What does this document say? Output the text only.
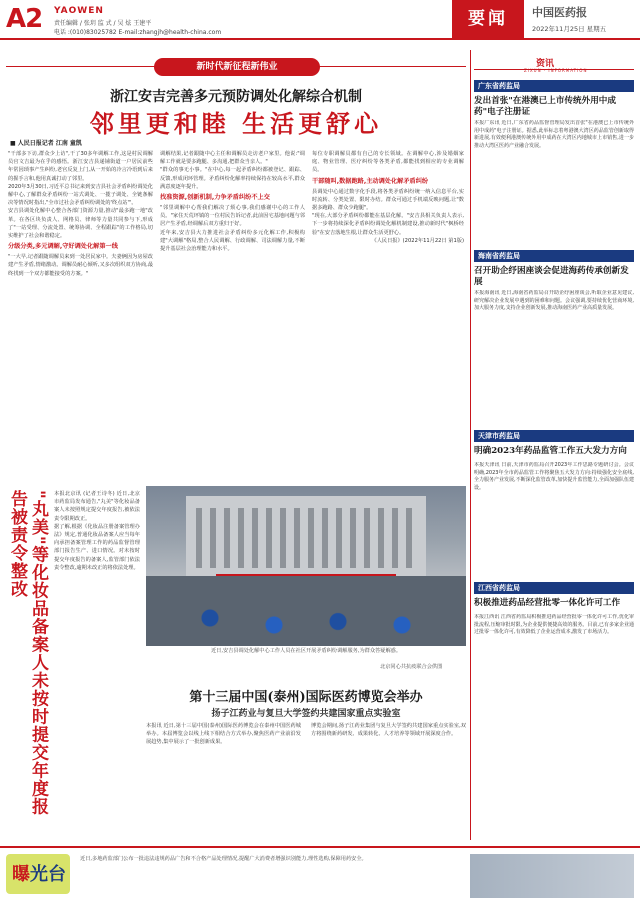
A2 YAOWEN
责任编辑 / 张玥 监 式 / 吴 炫 王建平
电话 :(010)83025782 E-mail:zhangjh@health-china.com
要闻	中国医药报
2022年11月25日 星期五
新时代新征程新伟业
浙江安吉完善多元预防调处化解综合机制
邻里更和睦 生活更舒心
■ 人民日报记者 江南 童凯

"干部多下访,群众少上访",干了30多年调解工作,这是村民调解员官文吉最为在乎的感悟。浙江安吉县递铺街道一户居民前些年常因琐事产生纠纷,老官反复上门,从一开始的冷言冷语到后来的握手言和,他用真诚打动了邻里。

2020年3月30日,习近平总书记来到安吉县社会矛盾纠纷调处化解中心,了解群众矛盾纠纷一站式调处、一揽子调处、全链条解决等情况时指出,"全市过社会矛盾纠纷调处的'终点站'"。

安吉县调处化解中心整合各部门资源力量,推动"最多跑一地"改革。在各区块负责人、网格员、律师等力量共同参与下,形成了"一站受理、分流处置、统筹协调、全程跟踪"的工作格局,切实维护了社会和谐稳定。

分级分类,多元调解,守好调处化解第一线

"一大早,记者跟随调解员来到一处居民家中。夫妻俩因为房屋改建产生矛盾,情绪激动。调解员耐心倾听,又多次组织双方协商,最终找到一个双方都能接受的方案。"

调解结果,记者跟随中心主任和调解员走访老户家里。他说:"调解工作就是要多跑腿、多沟通,把群众当亲人。"

"群众的事无小事。"在中心,每一起矛盾纠纷都被登记、跟踪、反馈,形成闭环管理。矛盾纠纷化解率持续保持在较高水平,群众满意度逐年提升。

找准资源,创新机制,力争矛盾纠纷不上交

"邻里调解中心帮我们解决了烦心事,我们感谢中心的工作人员。"家住天荒坪镇的一位村民告诉记者,此前因宅基地问题与邻居产生矛盾,经调解后双方重归于好。

近年来,安吉县大力推进社会矛盾纠纷多元化解工作,积极构建"大调解"格局,整合人民调解、行政调解、司法调解力量,不断提升基层社会治理能力和水平。

每位专职调解员都有自己的专长领域。在调解中心,涉及婚姻家庭、物业管理、医疗纠纷等各类矛盾,都能找到相应的专业调解员。

干部随叫,数据跑路,主动调处化解矛盾纠纷

县调处中心通过数字化手段,将各类矛盾纠纷统一纳入信息平台,实时流转、分类处置、限时办结。群众可通过手机端反映问题,让"数据多跑路、群众少跑腿"。

"现在,大部分矛盾纠纷都能在基层化解。"安吉县相关负责人表示,下一步将持续深化矛盾纠纷调处化解机制建设,推动新时代"枫桥经验"在安吉落地生根,让群众生活更舒心。

《人民日报》(2022年11月22日 第1版)

"丸美"等化妆品备案人未按时提交年度报告被责令整改	本报北京讯 (记者王诗冬) 近日,北京市药监局发布通告,"丸美"等化妆品备案人未按照规定提交年度报告,被依法责令限期改正。

据了解,根据《化妆品注册备案管理办法》规定,普通化妆品备案人应当每年向承担备案管理工作的药品监督管理部门报告生产、进口情况。对未按时提交年度报告的备案人,监管部门依法责令整改,逾期未改正的将依法处理。

近日,安吉县调处化解中心工作人员在社区开展矛盾纠纷调解服务,为群众答疑解惑。
北京同心共抗疫联合会供图
第十三届中国(泰州)国际医药博览会举办
扬子江药业与复旦大学签约共建国家重点实验室

本报讯 近日,第十三届中国(泰州)国际医药博览会在泰州中国医药城举办。本届博览会以线上线下相结合方式举办,聚焦医药产业前沿发展趋势,集中展示了一批创新成果。

博览会期间,扬子江药业集团与复旦大学签约共建国家重点实验室,双方将围绕新药研发、成果转化、人才培养等领域开展深度合作。

曝光台
近日,多地药监部门公布一批违法违规药品广告和不合格产品处理情况,提醒广大消费者增强识别能力,理性选购,保障用药安全。
资讯
ZIXUN · INFORMATION
广东省药监局
发出首张"在港澳已上市传统外用中成药"电子注册证
本报广东讯 近日,广东省药品监督管理局发出首张"在港澳已上市传统外用中成药"电子注册证。据悉,此举标志着粤港澳大湾区药品监管创新取得新进展,有效便利港澳传统外用中成药在大湾区内地城市上市销售,进一步推动大湾区医药产业融合发展。
海南省药监局
召开助企纾困座谈会促进海药传承创新发展
本报海南讯 近日,海南省药监局召开助企纾困座谈会,听取企业意见建议,研究解决企业发展中遇到的困难和问题。会议强调,要持续优化营商环境,加大服务力度,支持企业创新发展,推动海南医药产业高质量发展。
天津市药监局
明确2023年药品监管工作五大发力方向
本报天津讯 日前,天津市药监局召开2023年工作思路专题研讨会。会议明确,2023年全市药品监管工作将聚焦五大发力方向:持续强化安全底线,全力服务产业发展,不断深化监管改革,加快提升监管能力,全面加强队伍建设。
江西省药监局
积极推进药品经营批零一体化许可工作
本报江西讯 江西省药监局积极推进药品经营批零一体化许可工作,优化审批流程,压缩审批时限,为企业提供便捷高效的服务。目前,已有多家企业通过批零一体化许可,有效降低了企业运营成本,激发了市场活力。
